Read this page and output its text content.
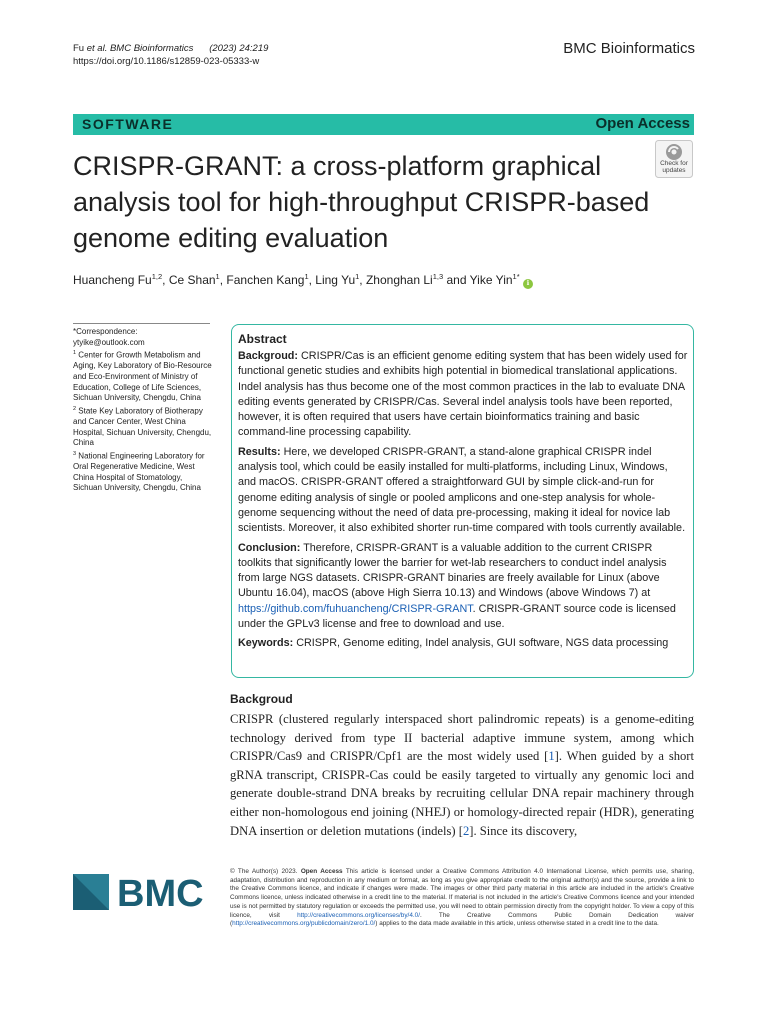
Fu et al. BMC Bioinformatics (2023) 24:219
https://doi.org/10.1186/s12859-023-05333-w
BMC Bioinformatics
SOFTWARE	Open Access
CRISPR-GRANT: a cross-platform graphical analysis tool for high-throughput CRISPR-based genome editing evaluation
Check for updates
Huancheng Fu$^{1,2}$, Ce Shan$^1$, Fanchen Kang$^1$, Ling Yu$^1$, Zhonghan Li$^{1,3}$ and Yike Yin$^{1*}$ ℹ
*Correspondence:
ytyike@outlook.com
$^1$ Center for Growth Metabolism and Aging, Key Laboratory of Bio-Resource and Eco-Environment of Ministry of Education, College of Life Sciences, Sichuan University, Chengdu, China
$^2$ State Key Laboratory of Biotherapy and Cancer Center, West China Hospital, Sichuan University, Chengdu, China
$^3$ National Engineering Laboratory for Oral Regenerative Medicine, West China Hospital of Stomatology, Sichuan University, Chengdu, China
Abstract

Backgroud: CRISPR/Cas is an efficient genome editing system that has been widely used for functional genetic studies and exhibits high potential in biomedical translational applications. Indel analysis has thus become one of the most common practices in the lab to evaluate DNA editing events generated by CRISPR/Cas. Several indel analysis tools have been reported, however, it is often required that users have certain bioinformatics training and basic command-line processing capability.

Results: Here, we developed CRISPR-GRANT, a stand-alone graphical CRISPR indel analysis tool, which could be easily installed for multi-platforms, including Linux, Windows, and macOS. CRISPR-GRANT offered a straightforward GUI by simple click-and-run for genome editing analysis of single or pooled amplicons and one-step analysis for whole-genome sequencing without the need of data pre-processing, making it ideal for novice lab scientists. Moreover, it also exhibited shorter run-time compared with tools currently available.

Conclusion: Therefore, CRISPR-GRANT is a valuable addition to the current CRISPR toolkits that significantly lower the barrier for wet-lab researchers to conduct indel analysis from large NGS datasets. CRISPR-GRANT binaries are freely available for Linux (above Ubuntu 16.04), macOS (above High Sierra 10.13) and Windows (above Windows 7) at https://github.com/fuhuancheng/CRISPR-GRANT. CRISPR-GRANT source code is licensed under the GPLv3 license and free to download and use.

Keywords: CRISPR, Genome editing, Indel analysis, GUI software, NGS data processing

Backgroud
CRISPR (clustered regularly interspaced short palindromic repeats) is a genome-editing technology derived from type II bacterial adaptive immune system, among which CRISPR/Cas9 and CRISPR/Cpf1 are the most widely used [1]. When guided by a short gRNA transcript, CRISPR-Cas could be easily targeted to virtually any genomic loci and generate double-strand DNA breaks by recruiting cellular DNA repair machinery through either non-homologous end joining (NHEJ) or homology-directed repair (HDR), generating DNA insertion or deletion mutations (indels) [2]. Since its discovery,
BMC
© The Author(s) 2023. Open Access This article is licensed under a Creative Commons Attribution 4.0 International License, which permits use, sharing, adaptation, distribution and reproduction in any medium or format, as long as you give appropriate credit to the original author(s) and the source, provide a link to the Creative Commons licence, and indicate if changes were made. The images or other third party material in this article are included in the article's Creative Commons licence, unless indicated otherwise in a credit line to the material. If material is not included in the article's Creative Commons licence and your intended use is not permitted by statutory regulation or exceeds the permitted use, you will need to obtain permission directly from the copyright holder. To view a copy of this licence, visit	http://creativecommons.org/licenses/by/4.0/. The Creative Commons Public Domain Dedication waiver (http://creativecommons.org/publicdomain/zero/1.0/) applies to the data made available in this article, unless otherwise stated in a credit line to the data.
